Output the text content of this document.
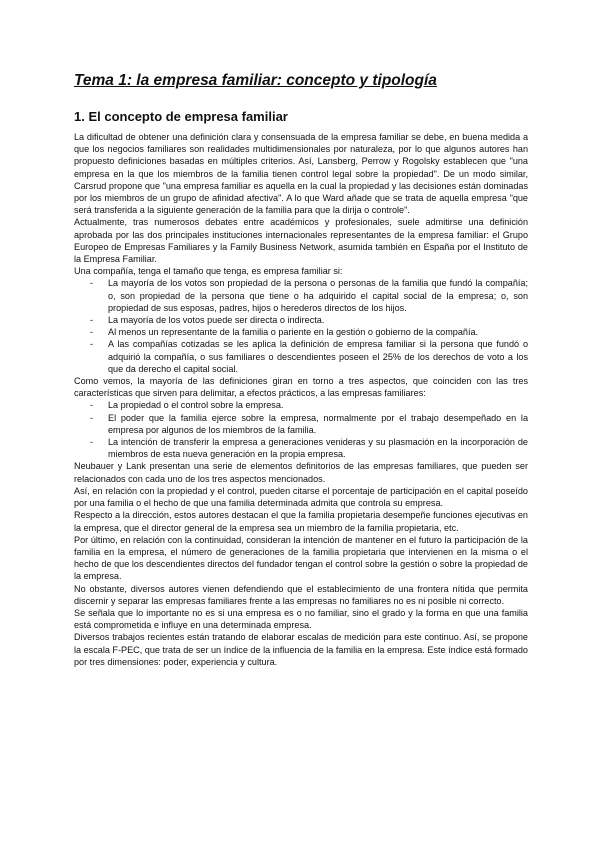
Tema 1: la empresa familiar: concepto y tipología
1. El concepto de empresa familiar

La dificultad de obtener una definición clara y consensuada de la empresa familiar se debe, en buena medida a que los negocios familiares son realidades multidimensionales por naturaleza, por lo que algunos autores han propuesto definiciones basadas en múltiples criterios. Así, Lansberg, Perrow y Rogolsky establecen que "una empresa en la que los miembros de la familia tienen control legal sobre la propiedad". De un modo similar, Carsrud propone que "una empresa familiar es aquella en la cual la propiedad y las decisiones están dominadas por los miembros de un grupo de afinidad afectiva". A lo que Ward añade que se trata de aquella empresa "que será transferida a la siguiente generación de la familia para que la dirija o controle".

Actualmente, tras numerosos debates entre académicos y profesionales, suele admitirse una definición aprobada por las dos principales instituciones internacionales representantes de la empresa familiar: el Grupo Europeo de Empresas Familiares y la Family Business Network, asumida también en España por el Instituto de la Empresa Familiar.

Una compañía, tenga el tamaño que tenga, es empresa familiar si:

- La mayoría de los votos son propiedad de la persona o personas de la familia que fundó la compañía; o, son propiedad de la persona que tiene o ha adquirido el capital social de la empresa; o, son propiedad de sus esposas, padres, hijos o herederos directos de los hijos.
- La mayoría de los votos puede ser directa o indirecta.
- Al menos un representante de la familia o pariente en la gestión o gobierno de la compañía.
- A las compañías cotizadas se les aplica la definición de empresa familiar si la persona que fundó o adquirió la compañía, o sus familiares o descendientes poseen el 25% de los derechos de voto a los que da derecho el capital social.

Como vemos, la mayoría de las definiciones giran en torno a tres aspectos, que coinciden con las tres características que sirven para delimitar, a efectos prácticos, a las empresas familiares:

- La propiedad o el control sobre la empresa.
- El poder que la familia ejerce sobre la empresa, normalmente por el trabajo desempeñado en la empresa por algunos de los miembros de la familia.
- La intención de transferir la empresa a generaciones venideras y su plasmación en la incorporación de miembros de esta nueva generación en la propia empresa.

Neubauer y Lank presentan una serie de elementos definitorios de las empresas familiares, que pueden ser relacionados con cada uno de los tres aspectos mencionados.

Así, en relación con la propiedad y el control, pueden citarse el porcentaje de participación en el capital poseído por una familia o el hecho de que una familia determinada admita que controla su empresa.

Respecto a la dirección, estos autores destacan el que la familia propietaria desempeñe funciones ejecutivas en la empresa, que el director general de la empresa sea un miembro de la familia propietaria, etc.

Por último, en relación con la continuidad, consideran la intención de mantener en el futuro la participación de la familia en la empresa, el número de generaciones de la familia propietaria que intervienen en la misma o el hecho de que los descendientes directos del fundador tengan el control sobre la gestión o sobre la propiedad de la empresa.

No obstante, diversos autores vienen defendiendo que el establecimiento de una frontera nítida que permita discernir y separar las empresas familiares frente a las empresas no familiares no es ni posible ni correcto.

Se señala que lo importante no es si una empresa es o no familiar, sino el grado y la forma en que una familia está comprometida e influye en una determinada empresa.

Diversos trabajos recientes están tratando de elaborar escalas de medición para este continuo. Así, se propone la escala F-PEC, que trata de ser un índice de la influencia de la familia en la empresa. Este índice está formado por tres dimensiones: poder, experiencia y cultura.
